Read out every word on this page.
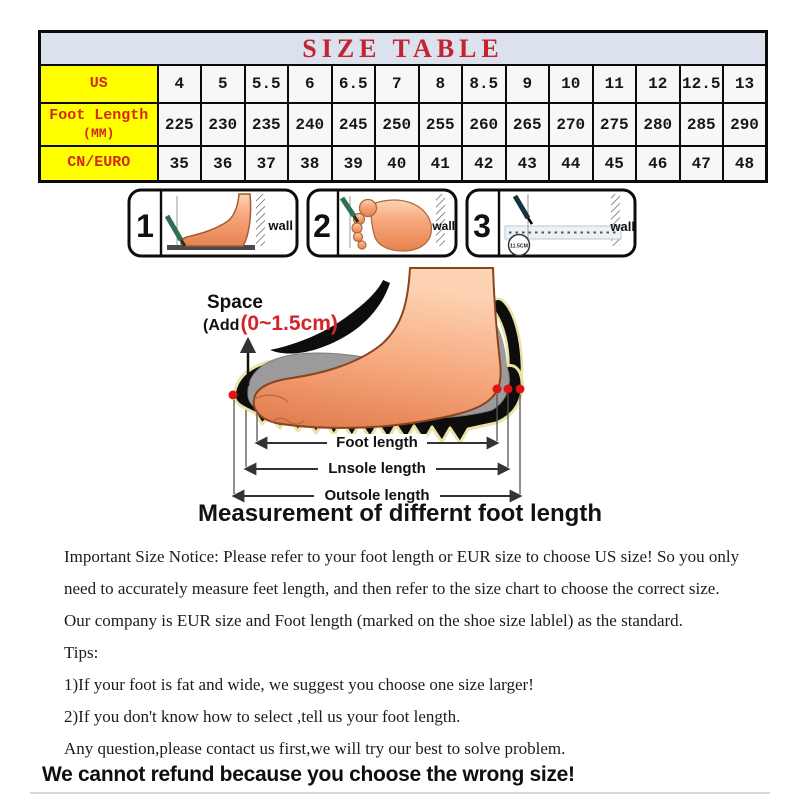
SIZE TABLE														
US	4	5	5.5	6	6.5	7	8	8.5	9	10	11	12	12.5	13

Foot Length
(MM)	225	230	235	240	245	250	255	260	265	270	275	280	285	290
CN/EURO	35	36	37	38	39	40	41	42	43	44	45	46	47	48
1	wall 2	wall 3
11.5CM
wall
Space
(Add(0~1.5cm)
Foot length
Lnsole length
Outsole length
Measurement of differnt foot length
Important Size Notice: Please refer to your foot length or EUR size to choose US size! So you only
need to accurately measure feet length, and then refer to the size chart to choose the correct size.
Our company is EUR size and Foot length (marked on the shoe size lablel) as the standard.
Tips:
1)If your foot is fat and wide, we suggest you choose one size larger!
2)If you don't know how to select ,tell us your foot length.
Any question,please contact us first,we will try our best to solve problem.
We cannot refund because you choose the wrong size!
